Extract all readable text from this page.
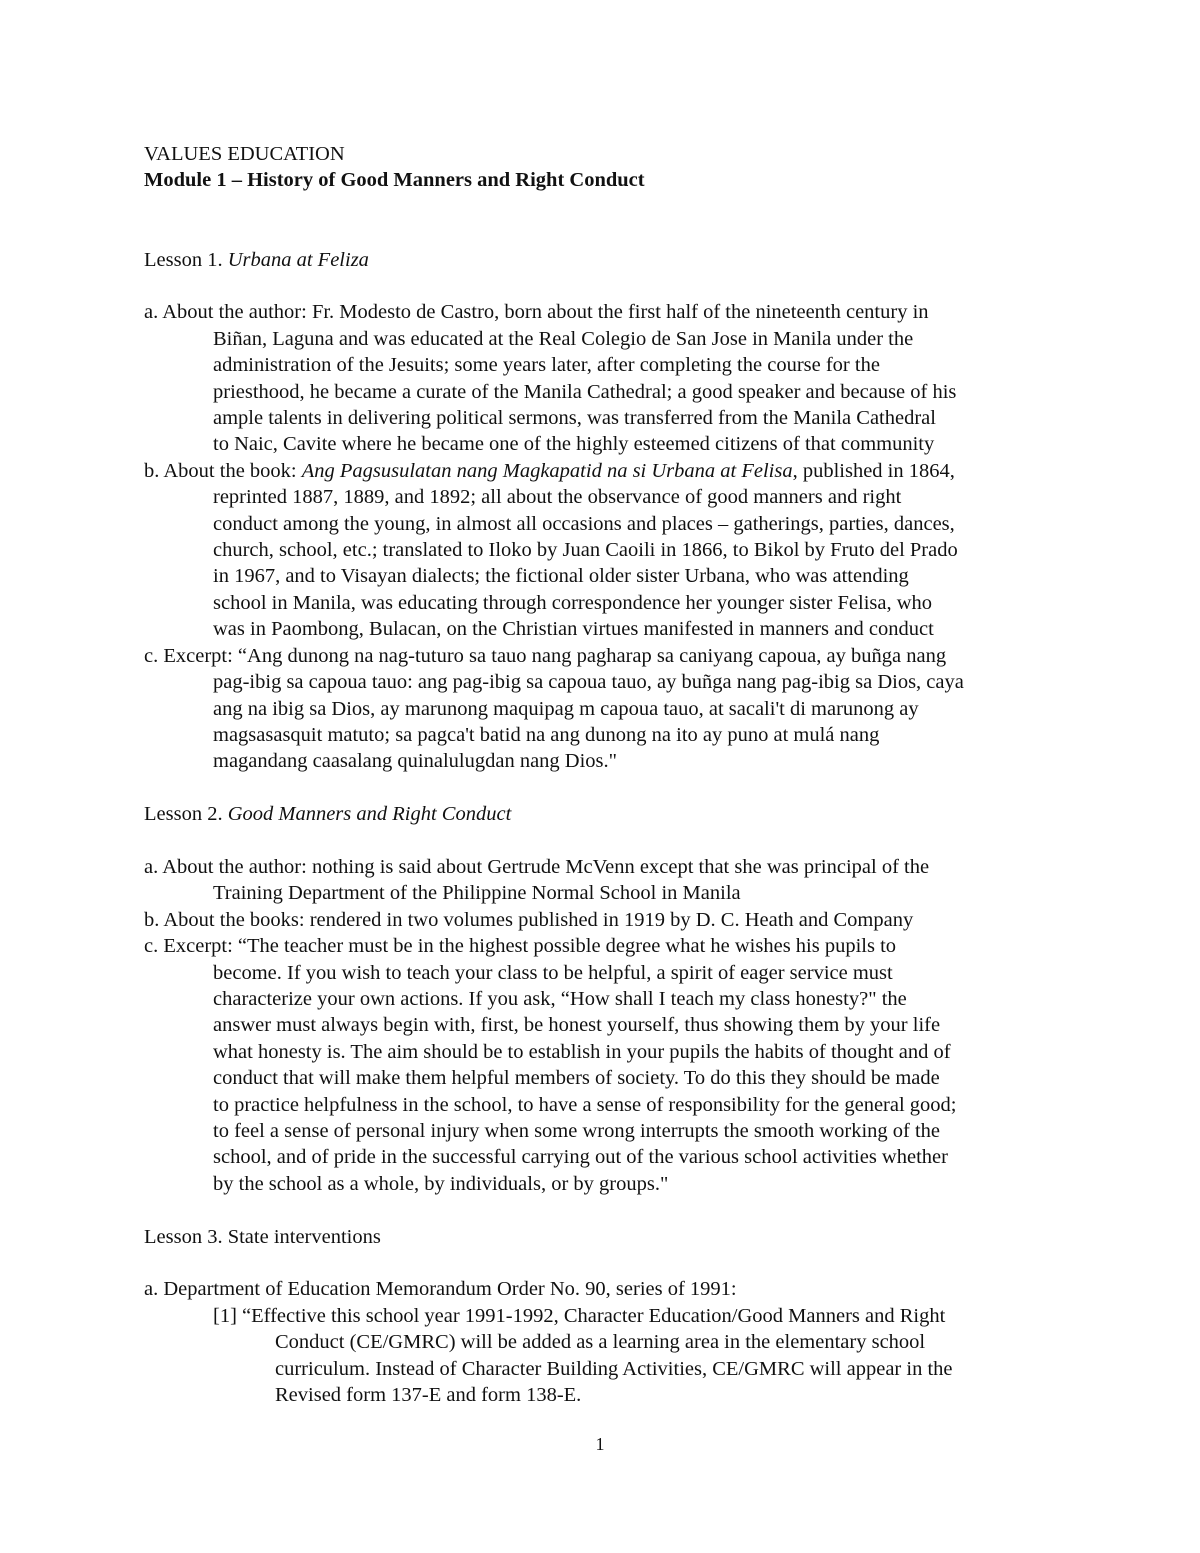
VALUES EDUCATION
Module 1 – History of Good Manners and Right Conduct
Lesson 1. Urbana at Feliza
a. About the author: Fr. Modesto de Castro, born about the first half of the nineteenth century in
Biñan, Laguna and was educated at the Real Colegio de San Jose in Manila under the
administration of the Jesuits; some years later, after completing the course for the
priesthood, he became a curate of the Manila Cathedral; a good speaker and because of his
ample talents in delivering political sermons, was transferred from the Manila Cathedral
to Naic, Cavite where he became one of the highly esteemed citizens of that community
b. About the book: Ang Pagsusulatan nang Magkapatid na si Urbana at Felisa, published in 1864,
reprinted 1887, 1889, and 1892; all about the observance of good manners and right
conduct among the young, in almost all occasions and places – gatherings, parties, dances,
church, school, etc.; translated to Iloko by Juan Caoili in 1866, to Bikol by Fruto del Prado
in 1967, and to Visayan dialects; the fictional older sister Urbana, who was attending
school in Manila, was educating through correspondence her younger sister Felisa, who
was in Paombong, Bulacan, on the Christian virtues manifested in manners and conduct
c. Excerpt: “Ang dunong na nag-tuturo sa tauo nang pagharap sa caniyang capoua, ay buñga nang
pag-ibig sa capoua tauo: ang pag-ibig sa capoua tauo, ay buñga nang pag-ibig sa Dios, caya
ang na ibig sa Dios, ay marunong maquipag m capoua tauo, at sacali't di marunong ay
magsasasquit matuto; sa pagca't batid na ang dunong na ito ay puno at mulá nang
magandang caasalang quinalulugdan nang Dios."
Lesson 2. Good Manners and Right Conduct
a. About the author: nothing is said about Gertrude McVenn except that she was principal of the
Training Department of the Philippine Normal School in Manila
b. About the books: rendered in two volumes published in 1919 by D. C. Heath and Company
c. Excerpt: “The teacher must be in the highest possible degree what he wishes his pupils to
become. If you wish to teach your class to be helpful, a spirit of eager service must
characterize your own actions. If you ask, “How shall I teach my class honesty?" the
answer must always begin with, first, be honest yourself, thus showing them by your life
what honesty is. The aim should be to establish in your pupils the habits of thought and of
conduct that will make them helpful members of society. To do this they should be made
to practice helpfulness in the school, to have a sense of responsibility for the general good;
to feel a sense of personal injury when some wrong interrupts the smooth working of the
school, and of pride in the successful carrying out of the various school activities whether
by the school as a whole, by individuals, or by groups."
Lesson 3. State interventions
a. Department of Education Memorandum Order No. 90, series of 1991:
[1] “Effective this school year 1991-1992, Character Education/Good Manners and Right
Conduct (CE/GMRC) will be added as a learning area in the elementary school
curriculum. Instead of Character Building Activities, CE/GMRC will appear in the
Revised form 137-E and form 138-E.
1
